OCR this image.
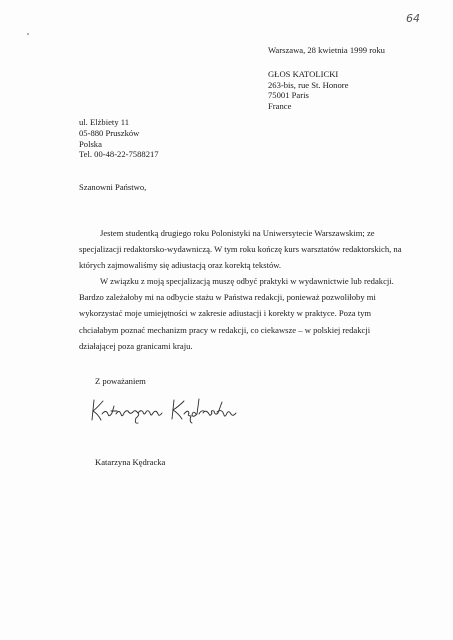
64
Warszawa, 28 kwietnia 1999 roku
GŁOS KATOLICKI
263-bis, rue St. Honore
75001 Paris
France
ul. Elżbiety 11
05-880 Pruszków
Polska
Tel. 00-48-22-7588217
Szanowni Państwo,

Jestem studentką drugiego roku Polonistyki na Uniwersytecie Warszawskim; ze
specjalizacji redaktorsko-wydawniczą. W tym roku kończę kurs warsztatów redaktorskich, na
których zajmowaliśmy się adiustacją oraz korektą tekstów.

W związku z moją specjalizacją muszę odbyć praktyki w wydawnictwie lub redakcji.
Bardzo zależałoby mi na odbycie stażu w Państwa redakcji, ponieważ pozwoliłoby mi
wykorzystać moje umiejętności w zakresie adiustacji i korekty w praktyce. Poza tym
chciałabym poznać mechanizm pracy w redakcji, co ciekawsze – w polskiej redakcji
działającej poza granicami kraju.

Z poważaniem
Katarzyna Kędracka
